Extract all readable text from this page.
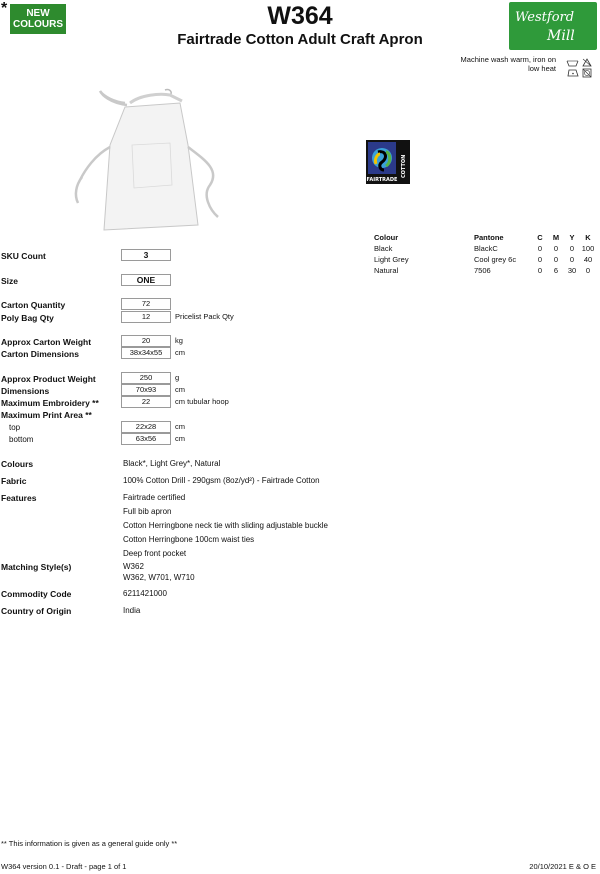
*	NEW
COLOURS	W364
Fairtrade Cotton Adult Craft Apron
Westford
Mill
Machine wash warm, iron on
low heat
FAIRTRADE
COTTON
Colour	Pantone	C	M	Y	K
Black	BlackC	0	0	0	100
Light Grey	Cool grey 6c	0	0	0	40
Natural	7506	0	6	30	0
SKU Count	3
Size	ONE
Carton Quantity	72
Poly Bag Qty	12	Pricelist Pack Qty
Approx Carton Weight	20	kg
Carton Dimensions	38x34x55	cm
Approx Product Weight	250	g
Dimensions	70x93	cm
Maximum Embroidery **	22	cm tubular hoop
Maximum Print Area **
top	22x28	cm
bottom	63x56	cm
Colours	Black*, Light Grey*, Natural
Fabric	100% Cotton Drill - 290gsm (8oz/yd²) - Fairtrade Cotton
Features	Fairtrade certified
Full bib apron
Cotton Herringbone neck tie with sliding adjustable buckle
Cotton Herringbone 100cm waist ties
Deep front pocket
Matching Style(s)	W362
W362, W701, W710
Commodity Code	6211421000
Country of Origin	India
** This information is given as a general guide only **
W364 version 0.1 - Draft - page 1 of 1	20/10/2021 E & O E
